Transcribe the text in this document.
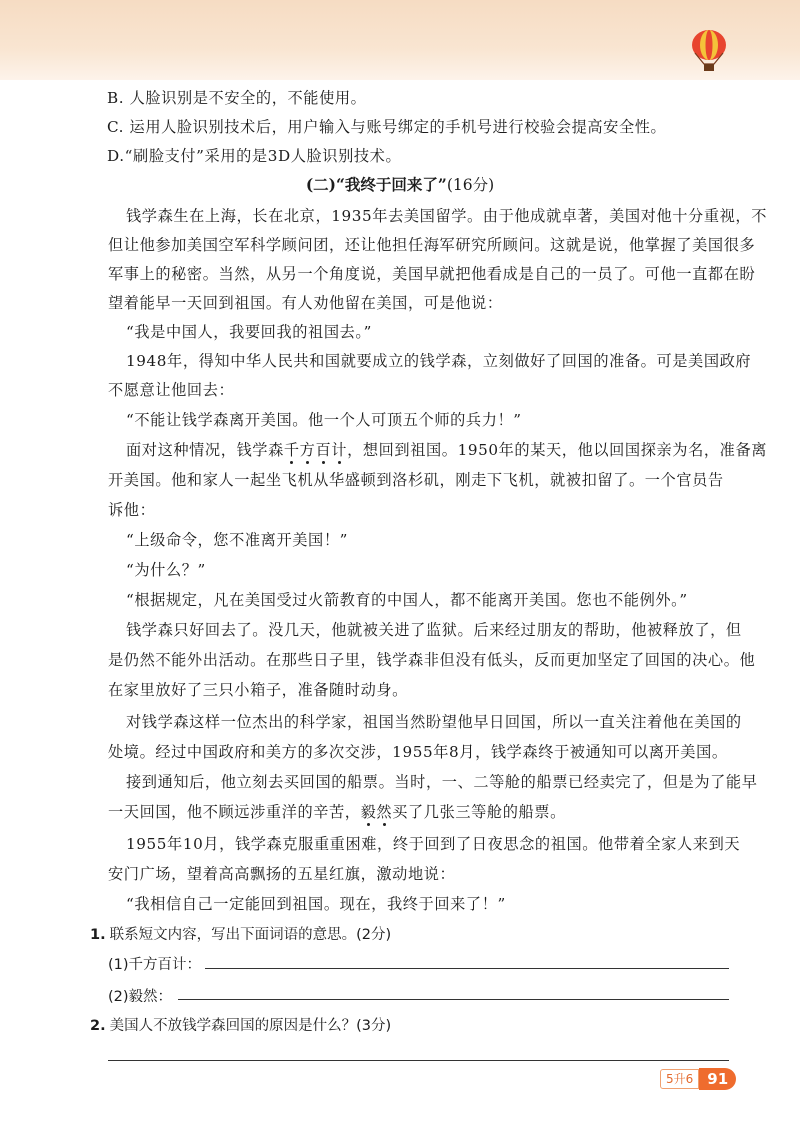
B. 人脸识别是不安全的，不能使用。
C. 运用人脸识别技术后，用户输入与账号绑定的手机号进行校验会提高安全性。
D.“刷脸支付”采用的是3D人脸识别技术。
(二)“我终于回来了”(16分)
钱学森生在上海，长在北京，1935年去美国留学。由于他成就卓著，美国对他十分重视，不
但让他参加美国空军科学顾问团，还让他担任海军研究所顾问。这就是说，他掌握了美国很多
军事上的秘密。当然，从另一个角度说，美国早就把他看成是自己的一员了。可他一直都在盼
望着能早一天回到祖国。有人劝他留在美国，可是他说：
“我是中国人，我要回我的祖国去。”
1948年，得知中华人民共和国就要成立的钱学森，立刻做好了回国的准备。可是美国政府
不愿意让他回去：
“不能让钱学森离开美国。他一个人可顶五个师的兵力！”
面对这种情况，钱学森千方百计，想回到祖国。1950年的某天，他以回国探亲为名，准备离
开美国。他和家人一起坐飞机从华盛顿到洛杉矶，刚走下飞机，就被扣留了。一个官员告
诉他：
“上级命令，您不准离开美国！”
“为什么？”
“根据规定，凡在美国受过火箭教育的中国人，都不能离开美国。您也不能例外。”
钱学森只好回去了。没几天，他就被关进了监狱。后来经过朋友的帮助，他被释放了，但
是仍然不能外出活动。在那些日子里，钱学森非但没有低头，反而更加坚定了回国的决心。他
在家里放好了三只小箱子，准备随时动身。
对钱学森这样一位杰出的科学家，祖国当然盼望他早日回国，所以一直关注着他在美国的
处境。经过中国政府和美方的多次交涉，1955年8月，钱学森终于被通知可以离开美国。
接到通知后，他立刻去买回国的船票。当时，一、二等舱的船票已经卖完了，但是为了能早
一天回国，他不顾远涉重洋的辛苦，毅然买了几张三等舱的船票。
1955年10月，钱学森克服重重困难，终于回到了日夜思念的祖国。他带着全家人来到天
安门广场，望着高高飘扬的五星红旗，激动地说：
“我相信自己一定能回到祖国。现在，我终于回来了！”
1. 联系短文内容，写出下面词语的意思。(2分)
(1)千方百计：
(2)毅然：
2. 美国人不放钱学森回国的原因是什么？(3分)
5升6 91
